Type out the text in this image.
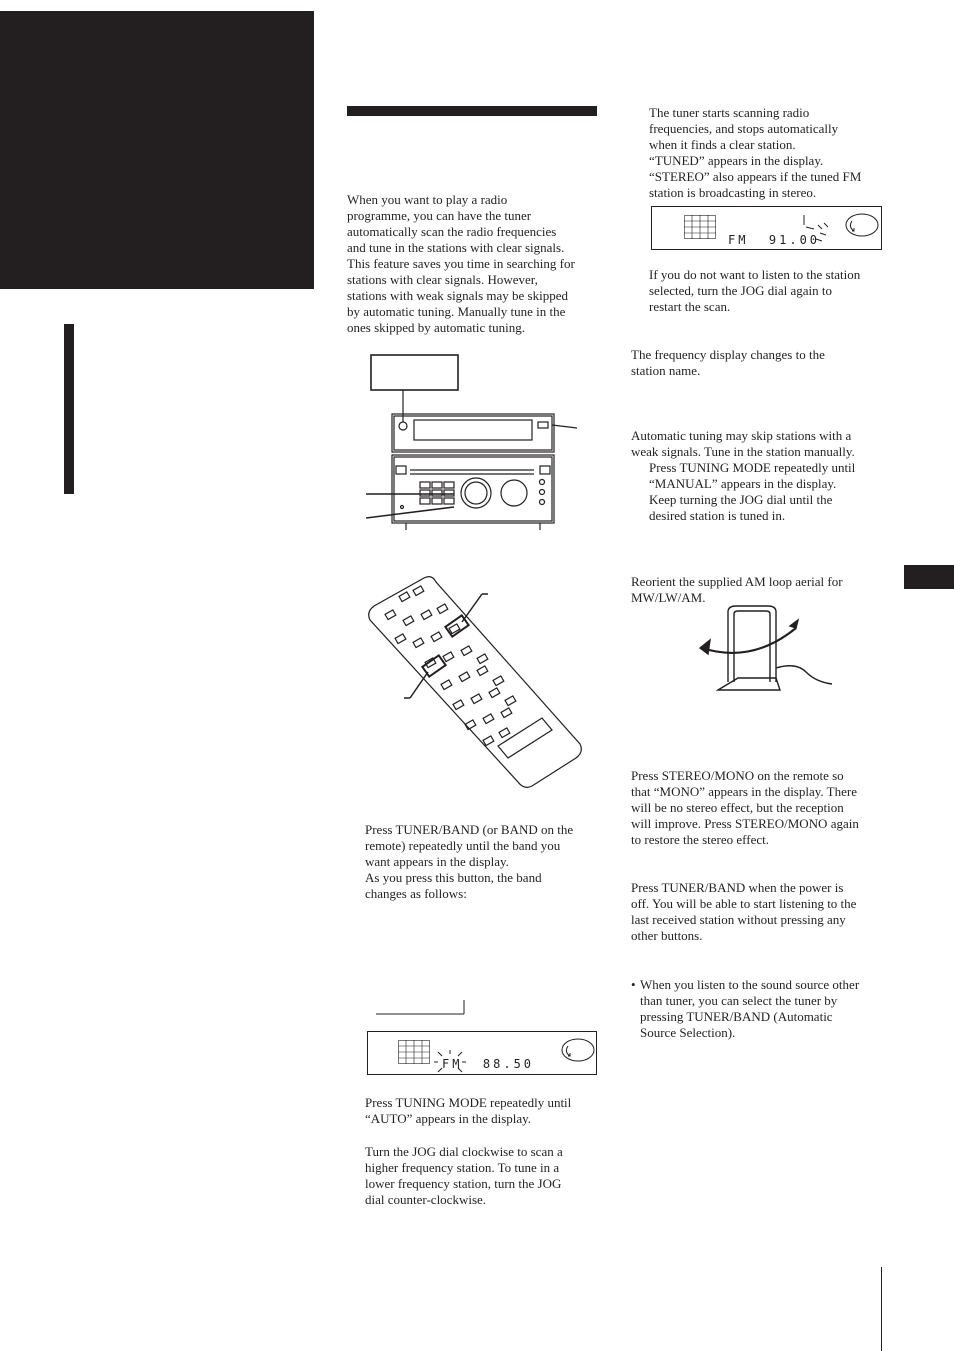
When you want to play a radio
programme, you can have the tuner
automatically scan the radio frequencies
and tune in the stations with clear signals.
This feature saves you time in searching for
stations with clear signals. However,
stations with weak signals may be skipped
by automatic tuning. Manually tune in the
ones skipped by automatic tuning.
Press TUNER/BAND (or BAND on the
remote) repeatedly until the band you
want appears in the display.
As you press this button, the band
changes as follows:
FM  88.50
Press TUNING MODE repeatedly until
“AUTO” appears in the display.
Turn the JOG dial clockwise to scan a
higher frequency station. To tune in a
lower frequency station, turn the JOG
dial counter-clockwise.
The tuner starts scanning radio
frequencies, and stops automatically
when it finds a clear station.
“TUNED” appears in the display.
“STEREO” also appears if the tuned FM
station is broadcasting in stereo.
FM  91.00
If you do not want to listen to the station
selected, turn the JOG dial again to
restart the scan.
The frequency display changes to the
station name.
Automatic tuning may skip stations with a
weak signals. Tune in the station manually.
Press TUNING MODE repeatedly until
“MANUAL” appears in the display.
Keep turning the JOG dial until the
desired station is tuned in.
Reorient the supplied AM loop aerial for
MW/LW/AM.
Press STEREO/MONO on the remote so
that “MONO” appears in the display. There
will be no stereo effect, but the reception
will improve. Press STEREO/MONO again
to restore the stereo effect.
Press TUNER/BAND when the power is
off. You will be able to start listening to the
last received station without pressing any
other buttons.
• When you listen to the sound source other
than tuner, you can select the tuner by
pressing TUNER/BAND (Automatic
Source Selection).
